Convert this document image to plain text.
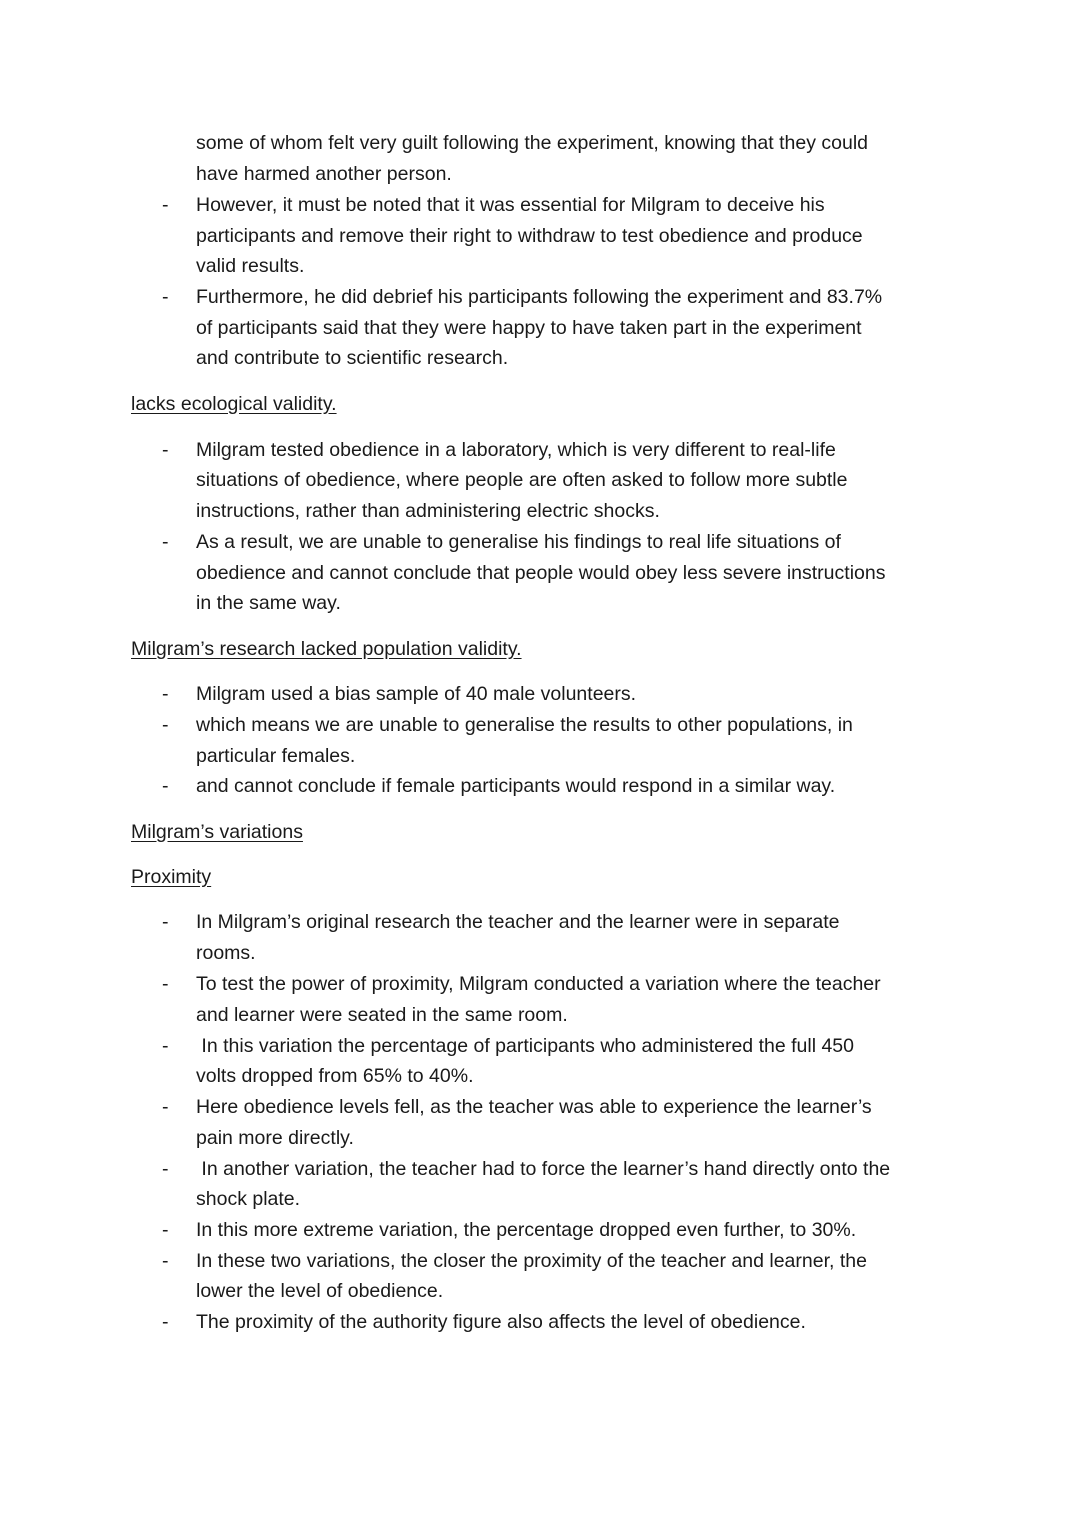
some of whom felt very guilt following the experiment, knowing that they could
have harmed another person.
-	However, it must be noted that it was essential for Milgram to deceive his
participants and remove their right to withdraw to test obedience and produce
valid results.
-	Furthermore, he did debrief his participants following the experiment and 83.7%
of participants said that they were happy to have taken part in the experiment
and contribute to scientific research.
lacks ecological validity.
-	Milgram tested obedience in a laboratory, which is very different to real-life
situations of obedience, where people are often asked to follow more subtle
instructions, rather than administering electric shocks.
-	As a result, we are unable to generalise his findings to real life situations of
obedience and cannot conclude that people would obey less severe instructions
in the same way.
Milgram’s research lacked population validity.
-	Milgram used a bias sample of 40 male volunteers.
-	which means we are unable to generalise the results to other populations, in
particular females.
-	and cannot conclude if female participants would respond in a similar way.
Milgram’s variations
Proximity
-	In Milgram’s original research the teacher and the learner were in separate
rooms.
-	To test the power of proximity, Milgram conducted a variation where the teacher
and learner were seated in the same room.
-	In this variation the percentage of participants who administered the full 450
volts dropped from 65% to 40%.
-	Here obedience levels fell, as the teacher was able to experience the learner’s
pain more directly.
-	In another variation, the teacher had to force the learner’s hand directly onto the
shock plate.
-	In this more extreme variation, the percentage dropped even further, to 30%.
-	In these two variations, the closer the proximity of the teacher and learner, the
lower the level of obedience.
-	The proximity of the authority figure also affects the level of obedience.
